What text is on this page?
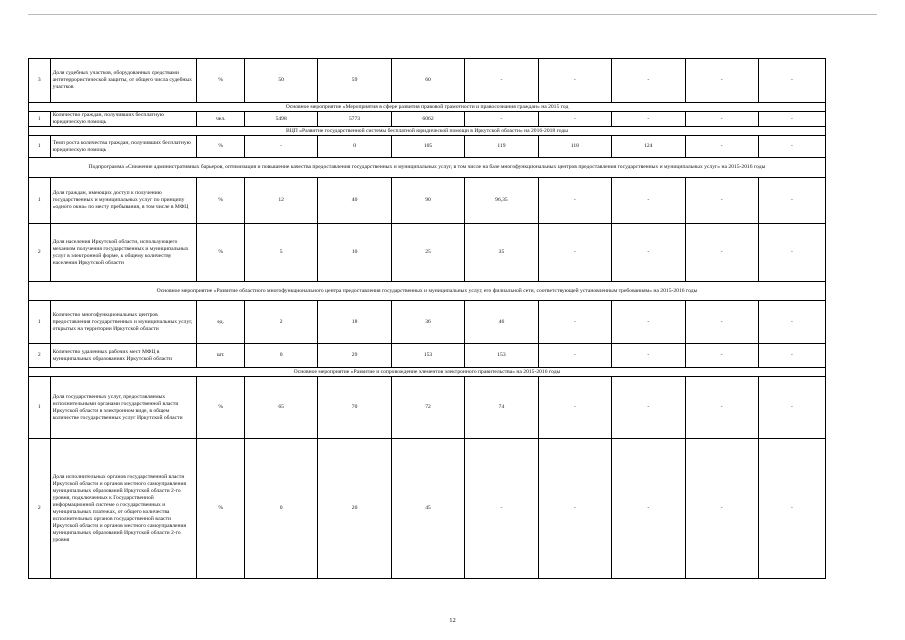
3	Доля судебных участков, оборудованных средствами антитеррористической защиты, от общего числа судебных участков	%	50	59	60	-	-	-	-	-
Основное мероприятие «Мероприятия в сфере развития правовой грамотности и правосознания граждан» на 2015 год										
1	Количество граждан, получивших бесплатную юридическую помощь	чел.	5498	5773	6062	-	-	-	-	-
ВЦП «Развитие государственной системы бесплатной юридической помощи в Иркутской области» на 2016-2018 годы										
1	Темп роста количества граждан, получивших бесплатную юридическую помощь	%	-	0	105	119	118	124	-	-
Подпрограмма «Снижение административных барьеров, оптимизация и повышение качества предоставления государственных и муниципальных услуг, в том числе на базе многофункциональных центров предоставления государственных и муниципальных услуг» на 2015-2016 годы										
1	Доля граждан, имеющих доступ к получению государственных и муниципальных услуг по принципу «одного окна» по месту пребывания, в том числе в МФЦ	%	12	40	90	96,35	-	-	-	-
2	Доля населения Иркутской области, использующего механизм получения государственных и муниципальных услуг в электронной форме, к общему количеству населения Иркутской области	%	5	10	25	35	-	-	-	-
Основное мероприятие «Развитие областного многофункционального центра предоставления государственных и муниципальных услуг, его филиальной сети, соответствующей установленным требованиям» на 2015-2016 годы										
1	Количество многофункциональных центров предоставления государственных и муниципальных услуг, открытых на территории Иркутской области	ед.	2	18	36	46	-	-	-	-
2	Количество удаленных рабочих мест МФЦ в муниципальных образованиях Иркутской области	шт.	0	29	153	153	-	-	-	-
Основное мероприятие «Развитие и сопровождение элементов электронного правительства» на 2015-2016 годы										
1	Доля государственных услуг, предоставляемых исполнительными органами государственной власти Иркутской области в электронном виде, в общем количестве государственных услуг Иркутской области	%	65	70	72	74	-	-	-	-
2	Доля исполнительных органов государственной власти Иркутской области и органов местного самоуправления муниципальных образований Иркутской области 2-го уровня, подключенных к Государственной информационной системе о государственных и муниципальных платежах, от общего количества исполнительных органов государственной власти Иркутской области и органов местного самоуправления муниципальных образований Иркутской области 2-го уровня	%	0	20	45	-	-	-	-	-
12
